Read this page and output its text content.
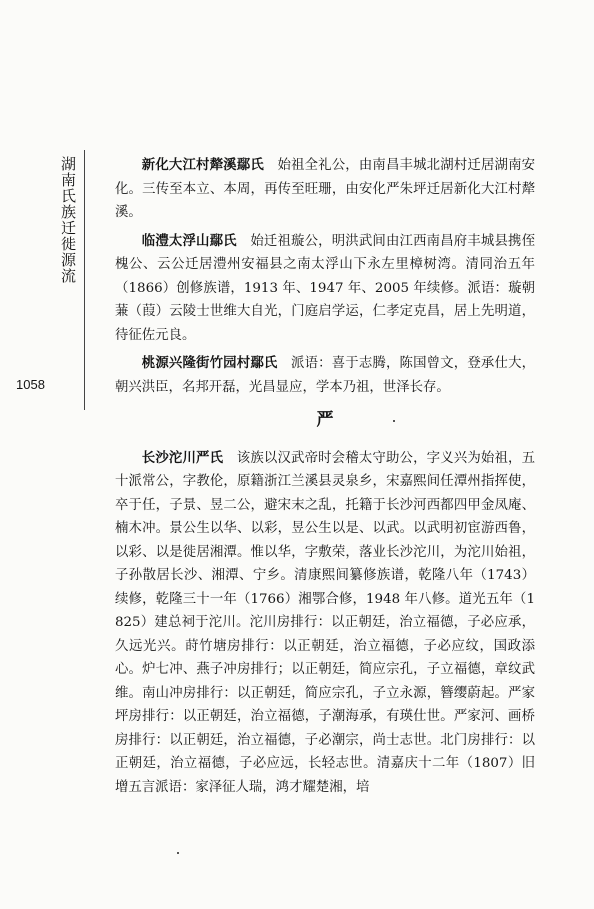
湖南氏族迁徙源流
1058

新化大江村犛溪鄢氏　 始祖全礼公，由南昌丰城北湖村迁居湖南安化。三传至本立、本周，再传至旺珊，由安化严朱坪迁居新化大江村犛溪。

临澧太浮山鄢氏　 始迁祖璇公，明洪武间由江西南昌府丰城县携侄槐公、云公迁居澧州安福县之南太浮山下永左里樟树湾。清同治五年（1866）创修族谱，1913 年、1947 年、2005 年续修。派语：璇朝蒹（葭）云陵士世维大自光，门庭启学运，仁孝定克昌，居上先明道，待征佐元良。

桃源兴隆街竹园村鄢氏　 派语：喜于志腾，陈国曾文，登承仕大，朝兴洪臣，名邦开磊，光昌显应，学本乃祖，世泽长存。

严

长沙沱川严氏　 该族以汉武帝时会稽太守助公，字义兴为始祖，五十派常公，字教伦，原籍浙江兰溪县灵泉乡，宋嘉熙间任潭州指挥使，卒于任，子景、昱二公，避宋末之乱，托籍于长沙河西都四甲金凤庵、楠木冲。景公生以华、以彩，昱公生以是、以武。以武明初宦游西鲁，以彩、以是徙居湘潭。惟以华，字敷荣，落业长沙沱川，为沱川始祖，子孙散居长沙、湘潭、宁乡。清康熙间纂修族谱，乾隆八年（1743）续修，乾隆三十一年（1766）湘鄂合修，1948 年八修。道光五年（1825）建总祠于沱川。沱川房排行：以正朝廷，治立福德，子必应承，久远光兴。莳竹塘房排行：以正朝廷，治立福德，子必应纹，国政添心。炉七冲、燕子冲房排行；以正朝廷，简应宗孔，子立福德，章纹武维。南山冲房排行：以正朝廷，简应宗孔，子立永源，簪缨蔚起。严家坪房排行：以正朝廷，治立福德，子潮海承，有瑛仕世。严家河、画桥房排行：以正朝廷，治立福德，子必潮宗，尚士志世。北门房排行：以正朝廷，治立福德，子必应远，长轻志世。清嘉庆十二年（1807）旧增五言派语：家泽征人瑞，鸿才耀楚湘，培
